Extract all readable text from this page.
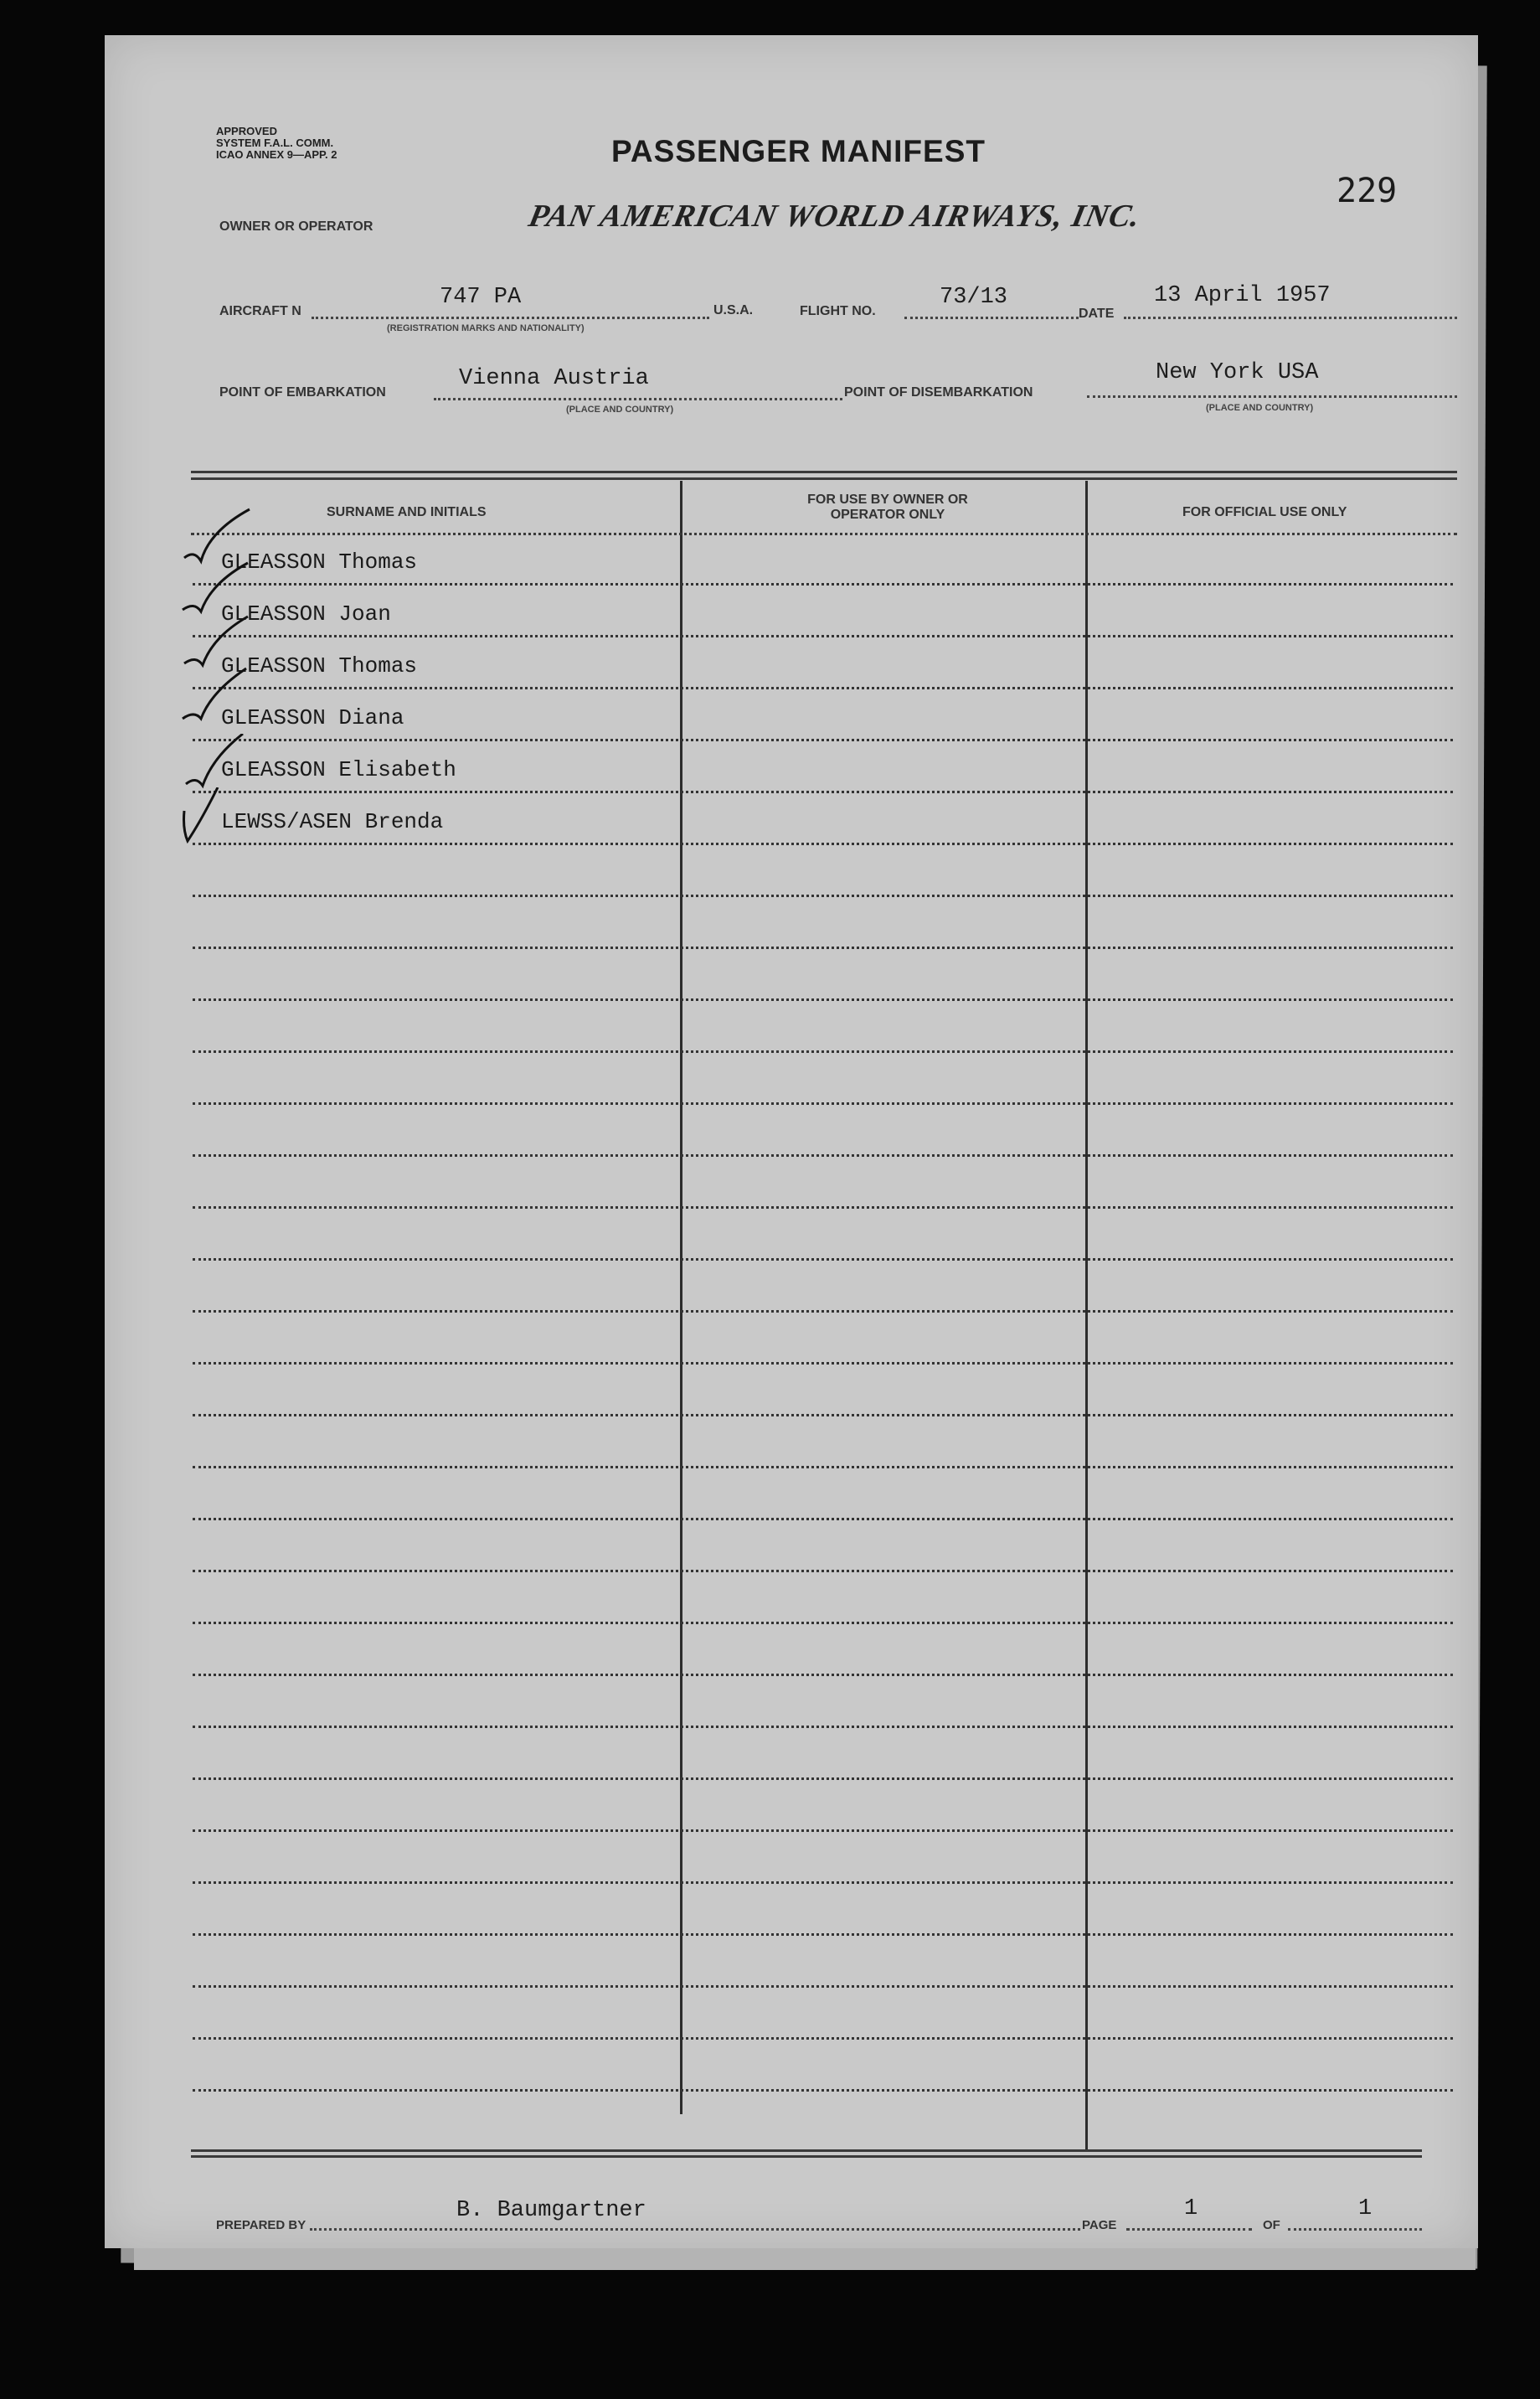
APPROVED
SYSTEM F.A.L. COMM.
ICAO ANNEX 9—APP. 2	PASSENGER MANIFEST
229
OWNER OR OPERATOR	PAN AMERICAN WORLD AIRWAYS, INC.
AIRCRAFT N
747 PA
(REGISTRATION MARKS AND NATIONALITY)
U.S.A.	FLIGHT NO.
73/13
DATE
13 April 1957
POINT OF EMBARKATION
Vienna Austria
(PLACE AND COUNTRY)
POINT OF DISEMBARKATION
New York USA
(PLACE AND COUNTRY)
SURNAME AND INITIALS
FOR USE BY OWNER OR OPERATOR ONLY	FOR OFFICIAL USE ONLY
GLEASSON Thomas
GLEASSON Joan
GLEASSON Thomas
GLEASSON Diana
GLEASSON Elisabeth
LEWSS/ASEN Brenda
PREPARED BY
B. Baumgartner
PAGE
1
OF
1
